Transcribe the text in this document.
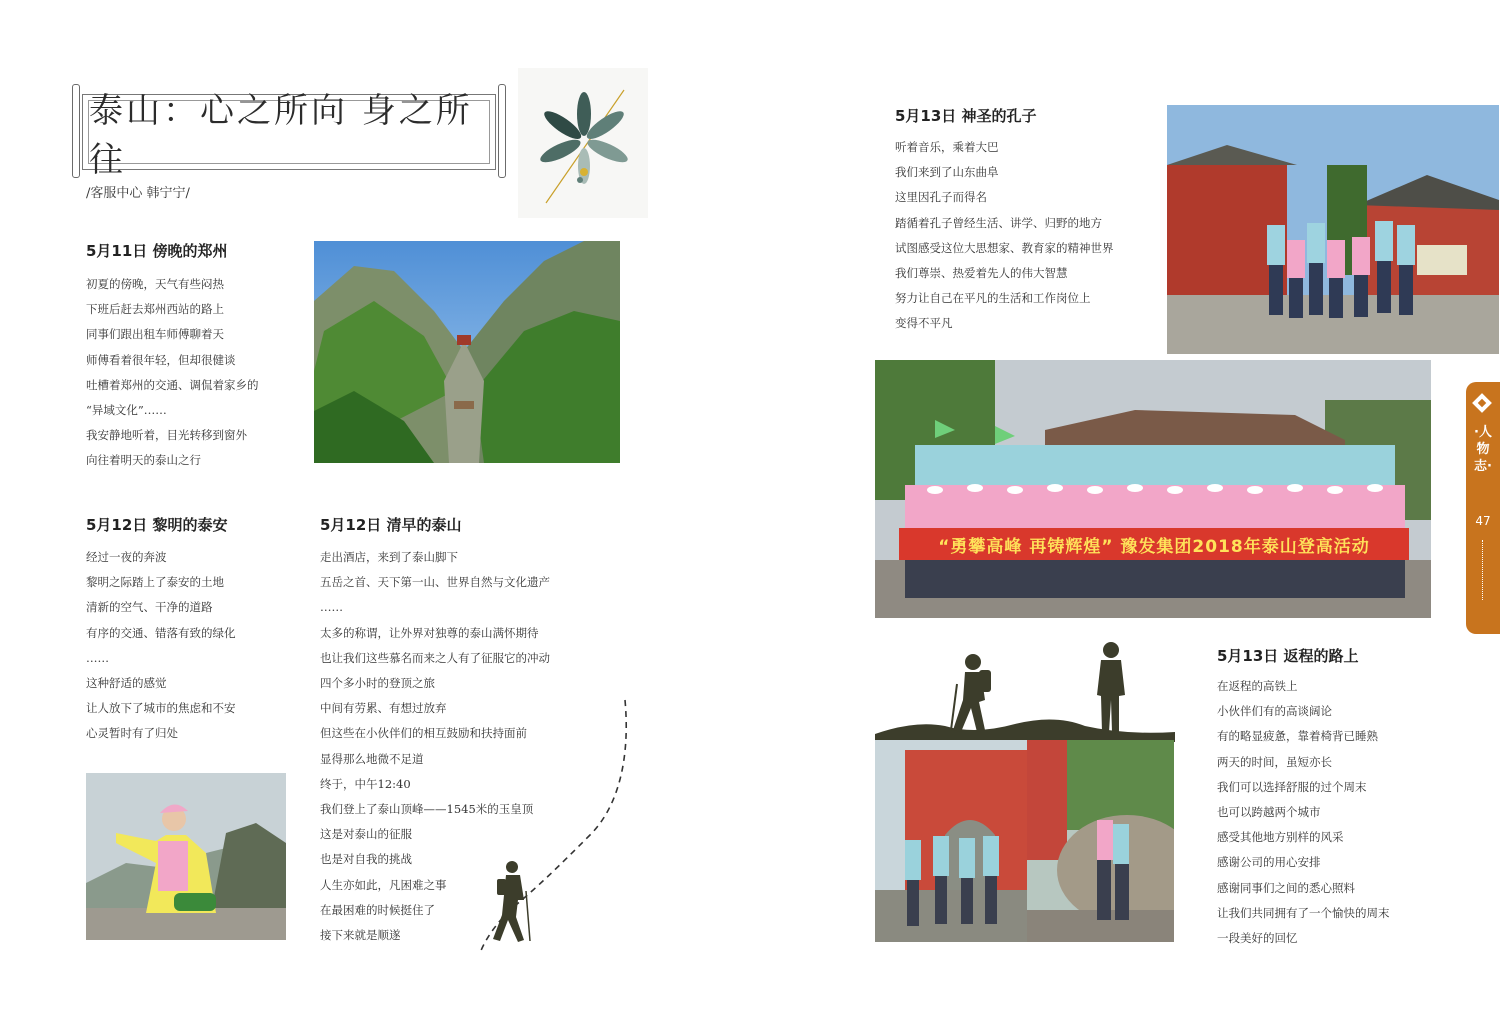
泰山：心之所向 身之所往
/客服中心 韩宁宁/
5月11日 傍晚的郑州
初夏的傍晚，天气有些闷热
下班后赶去郑州西站的路上
同事们跟出租车师傅聊着天
师傅看着很年轻，但却很健谈
吐槽着郑州的交通、调侃着家乡的
“异域文化”……
我安静地听着，目光转移到窗外
向往着明天的泰山之行
5月12日 黎明的泰安
经过一夜的奔波
黎明之际踏上了泰安的土地
清新的空气、干净的道路
有序的交通、错落有致的绿化
……
这种舒适的感觉
让人放下了城市的焦虑和不安
心灵暂时有了归处
5月12日 清早的泰山
走出酒店，来到了泰山脚下
五岳之首、天下第一山、世界自然与文化遗产
……
太多的称谓，让外界对独尊的泰山满怀期待
也让我们这些慕名而来之人有了征服它的冲动
四个多小时的登顶之旅
中间有劳累、有想过放弃
但这些在小伙伴们的相互鼓励和扶持面前
显得那么地微不足道
终于，中午12:40
我们登上了泰山顶峰——1545米的玉皇顶
这是对泰山的征服
也是对自我的挑战
人生亦如此，凡困难之事
在最困难的时候挺住了
接下来就是顺遂
5月13日 神圣的孔子
听着音乐，乘着大巴
我们来到了山东曲阜
这里因孔子而得名
踏循着孔子曾经生活、讲学、归野的地方
试图感受这位大思想家、教育家的精神世界
我们尊崇、热爱着先人的伟大智慧
努力让自己在平凡的生活和工作岗位上
变得不平凡
“勇攀高峰 再铸辉煌” 豫发集团2018年泰山登高活动
5月13日 返程的路上
在返程的高铁上
小伙伴们有的高谈阔论
有的略显疲惫，靠着椅背已睡熟
两天的时间，虽短亦长
我们可以选择舒服的过个周末
也可以跨越两个城市
感受其他地方别样的风采
感谢公司的用心安排
感谢同事们之间的悉心照料
让我们共同拥有了一个愉快的周末
一段美好的回忆
·人物志·
47
